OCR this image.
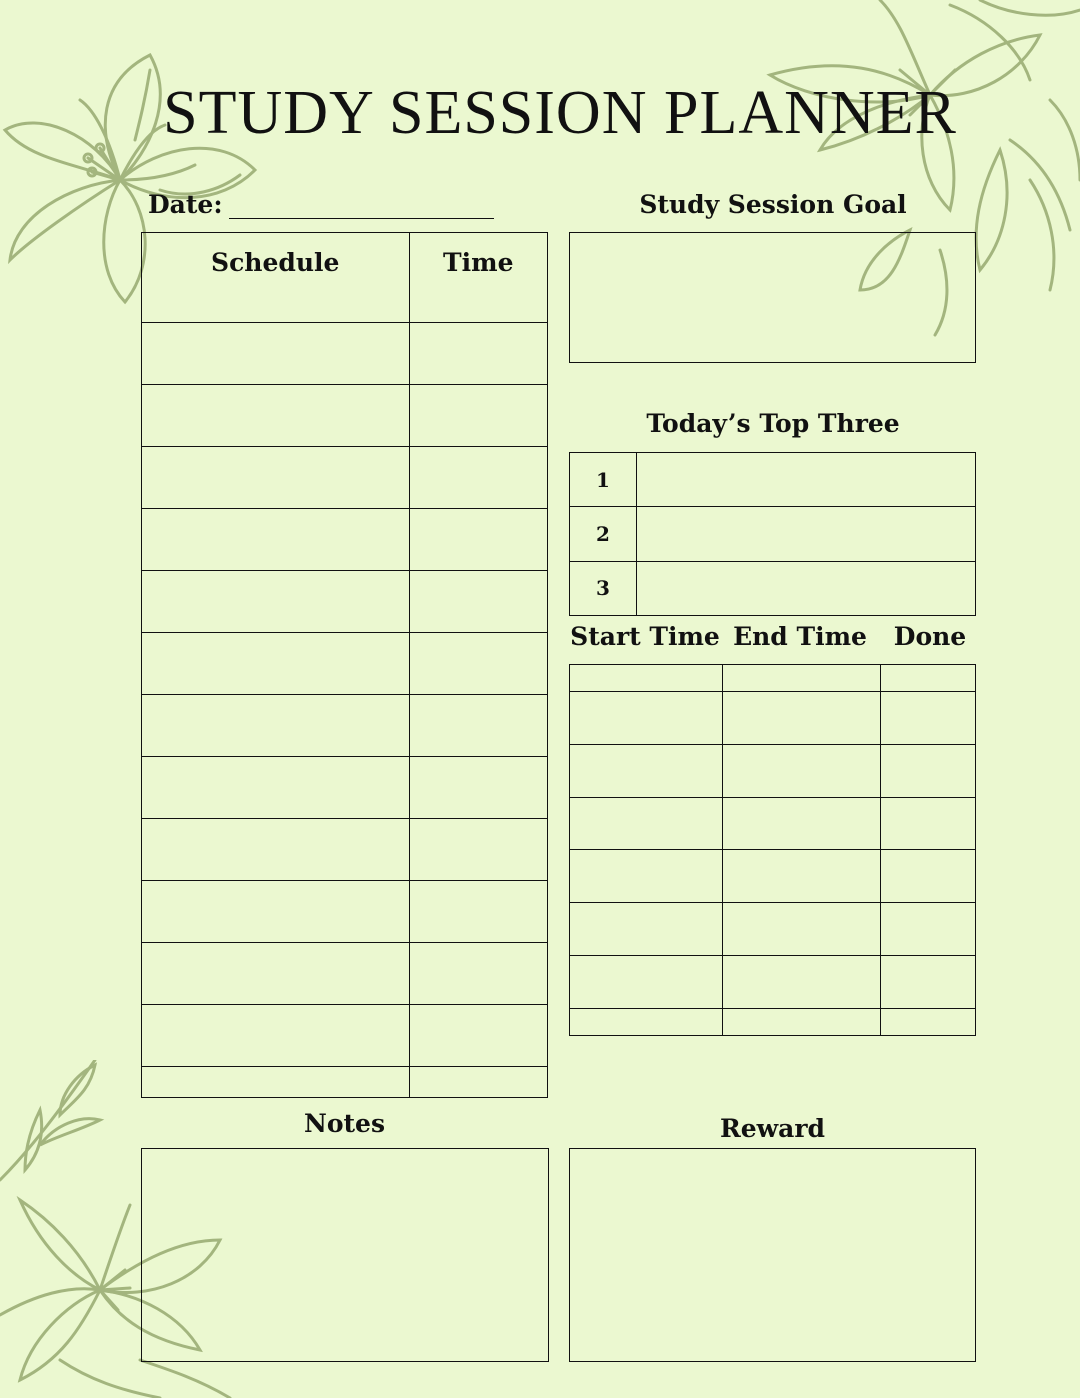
STUDY SESSION PLANNER
Date:	Study Session Goal
Schedule	Time

Today’s Top Three
1	
2	
3	
Start Time End Time	Done

Notes	Reward
